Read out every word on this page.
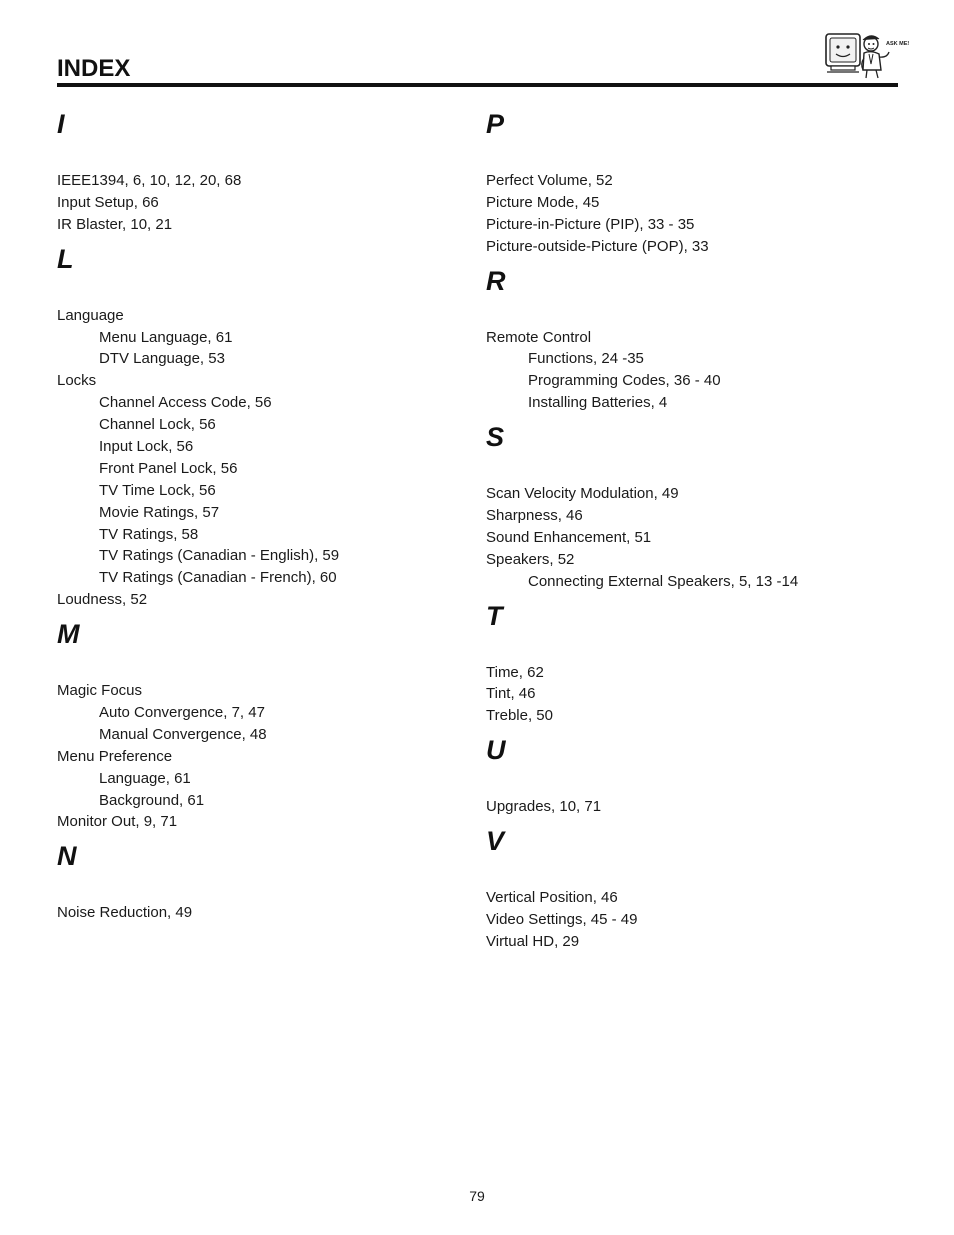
INDEX
ASK ME!
I
IEEE1394, 6, 10, 12, 20, 68
Input Setup, 66
IR Blaster, 10, 21
L
Language
Menu Language, 61
DTV Language, 53
Locks
Channel Access Code, 56
Channel Lock, 56
Input Lock, 56
Front Panel Lock, 56
TV Time Lock, 56
Movie Ratings, 57
TV Ratings, 58
TV Ratings (Canadian - English), 59
TV Ratings (Canadian - French), 60
Loudness, 52
M
Magic Focus
Auto Convergence, 7, 47
Manual Convergence, 48
Menu Preference
Language, 61
Background, 61
Monitor Out, 9, 71
N
Noise Reduction, 49
P
Perfect Volume, 52
Picture Mode, 45
Picture-in-Picture (PIP), 33 - 35
Picture-outside-Picture (POP), 33
R
Remote Control
Functions, 24 -35
Programming Codes, 36 - 40
Installing Batteries, 4
S
Scan Velocity Modulation, 49
Sharpness, 46
Sound Enhancement, 51
Speakers, 52
Connecting External Speakers, 5, 13 -14
T
Time, 62
Tint, 46
Treble, 50
U
Upgrades, 10, 71
V
Vertical Position, 46
Video Settings, 45 - 49
Virtual HD, 29
79
